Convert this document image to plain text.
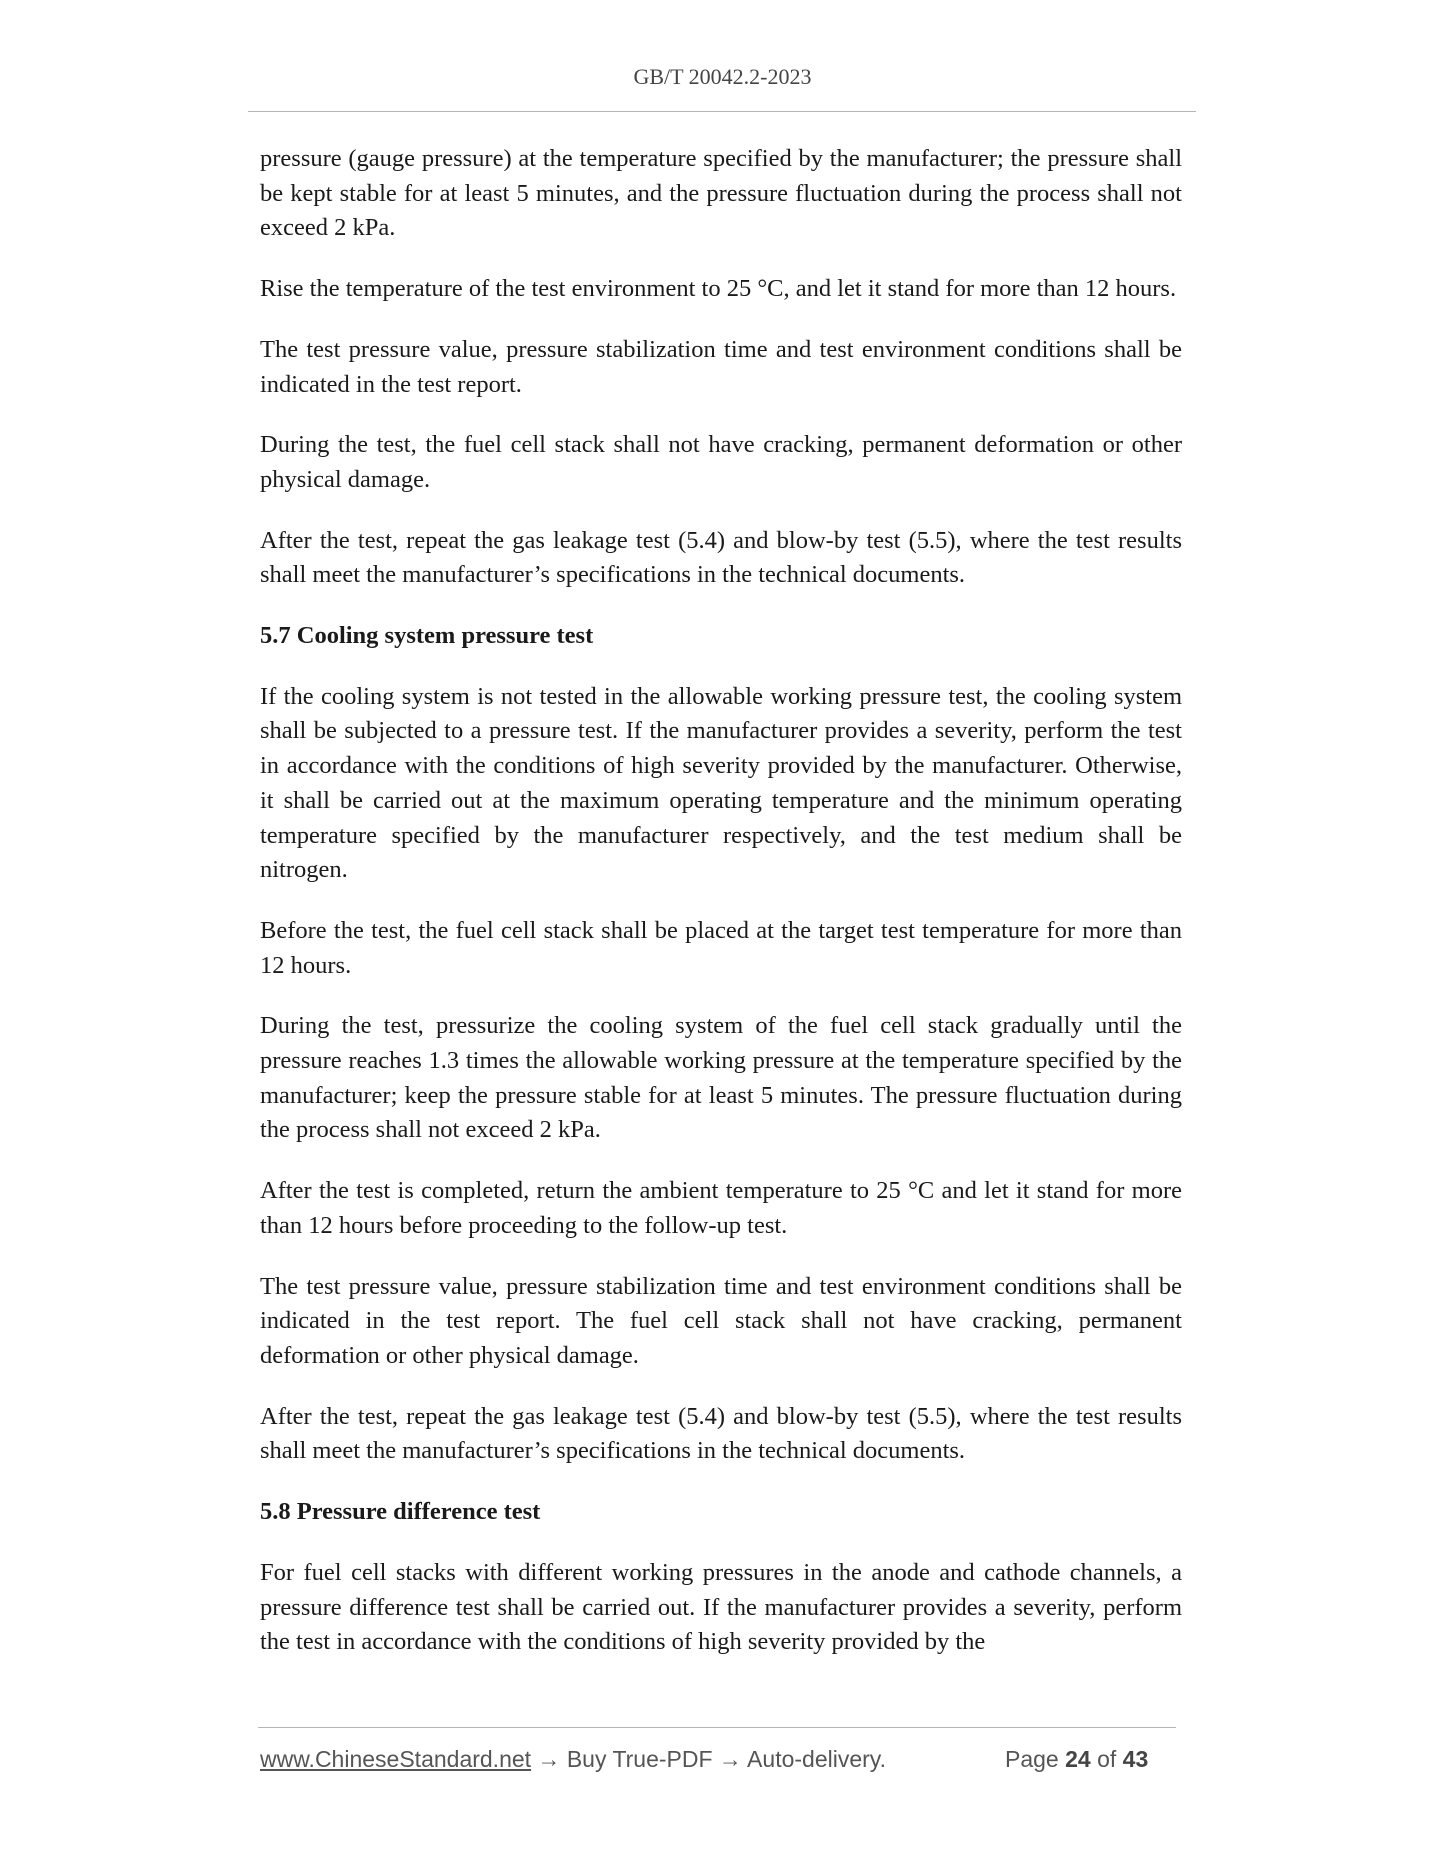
GB/T 20042.2-2023

pressure (gauge pressure) at the temperature specified by the manufacturer; the pressure shall be kept stable for at least 5 minutes, and the pressure fluctuation during the process shall not exceed 2 kPa.

Rise the temperature of the test environment to 25 °C, and let it stand for more than 12 hours.

The test pressure value, pressure stabilization time and test environment conditions shall be indicated in the test report.

During the test, the fuel cell stack shall not have cracking, permanent deformation or other physical damage.

After the test, repeat the gas leakage test (5.4) and blow-by test (5.5), where the test results shall meet the manufacturer’s specifications in the technical documents.

5.7 Cooling system pressure test

If the cooling system is not tested in the allowable working pressure test, the cooling system shall be subjected to a pressure test. If the manufacturer provides a severity, perform the test in accordance with the conditions of high severity provided by the manufacturer. Otherwise, it shall be carried out at the maximum operating temperature and the minimum operating temperature specified by the manufacturer respectively, and the test medium shall be nitrogen.

Before the test, the fuel cell stack shall be placed at the target test temperature for more than 12 hours.

During the test, pressurize the cooling system of the fuel cell stack gradually until the pressure reaches 1.3 times the allowable working pressure at the temperature specified by the manufacturer; keep the pressure stable for at least 5 minutes. The pressure fluctuation during the process shall not exceed 2 kPa.

After the test is completed, return the ambient temperature to 25 °C and let it stand for more than 12 hours before proceeding to the follow-up test.

The test pressure value, pressure stabilization time and test environment conditions shall be indicated in the test report. The fuel cell stack shall not have cracking, permanent deformation or other physical damage.

After the test, repeat the gas leakage test (5.4) and blow-by test (5.5), where the test results shall meet the manufacturer’s specifications in the technical documents.

5.8 Pressure difference test

For fuel cell stacks with different working pressures in the anode and cathode channels, a pressure difference test shall be carried out. If the manufacturer provides a severity, perform the test in accordance with the conditions of high severity provided by the

www.ChineseStandard.net → Buy True-PDF → Auto-delivery.	Page 24 of 43
